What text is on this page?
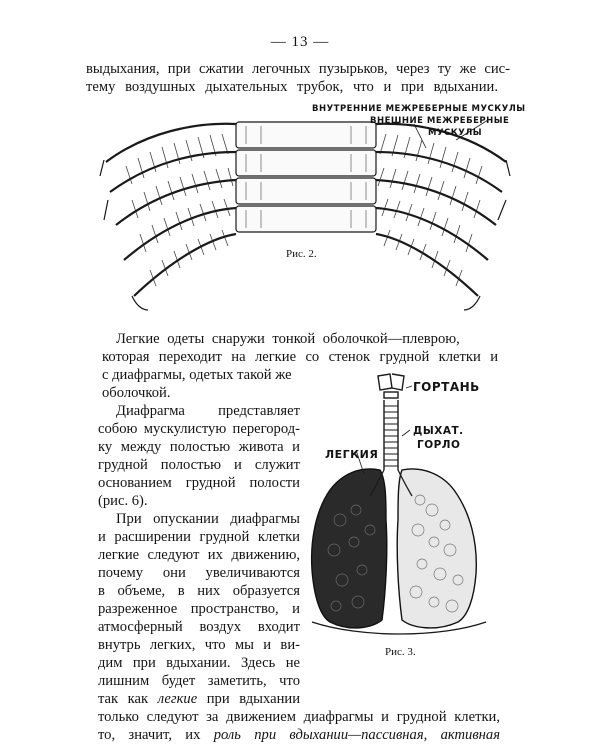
— 13 —
выдыхания, при сжатии легочных пузырьков, через ту же сис-
тему воздушных дыхательных трубок, что и при вдыхании.
ВНУТРЕННИЕ МЕЖРЕБЕРНЫЕ МУСКУЛЫ
ВНЕШНИЕ МЕЖРЕБЕРНЫЕ
МУСКУЛЫ
Рис. 2.
Легкие одеты снаружи тонкой оболочкой—плеврою,
которая переходит на легкие со стенок грудной клетки и
с диафрагмы, одетых такой же
оболочкой.
Диафрагма представляет
собою мускулистую перегород-
ку между полостью живота и
грудной полостью и служит
основанием грудной полости
(рис. 6).
При опускании диафрагмы
и расширении грудной клетки
легкие следуют их движению,
почему они увеличиваются
в объеме, в них образуется
разреженное пространство, и
атмосферный воздух входит
внутрь легких, что мы и ви-
дим при вдыхании. Здесь не
лишним будет заметить, что
так как легкие при вдыхании
только следуют за движением диафрагмы и грудной клетки,
то, значит, их роль при вдыхании—пассивная, активная
ГОРТАНЬ
ДЫХАТ.
ГОРЛО
ЛЕГКИЯ
Рис. 3.
